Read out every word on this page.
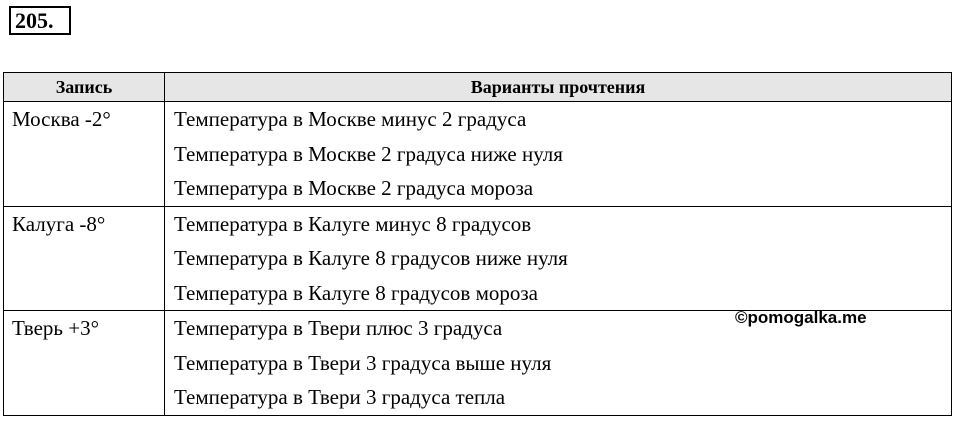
205.
Запись	Варианты прочтения
Москва -2°	Температура в Москве минус 2 градуса
Температура в Москве 2 градуса ниже нуля
Температура в Москве 2 градуса мороза

Калуга -8°	Температура в Калуге минус 8 градусов
Температура в Калуге 8 градусов ниже нуля
Температура в Калуге 8 градусов мороза

Тверь +3°	Температура в Твери плюс 3 градуса
Температура в Твери 3 градуса выше нуля
Температура в Твери 3 градуса тепла
©pomogalka.me
